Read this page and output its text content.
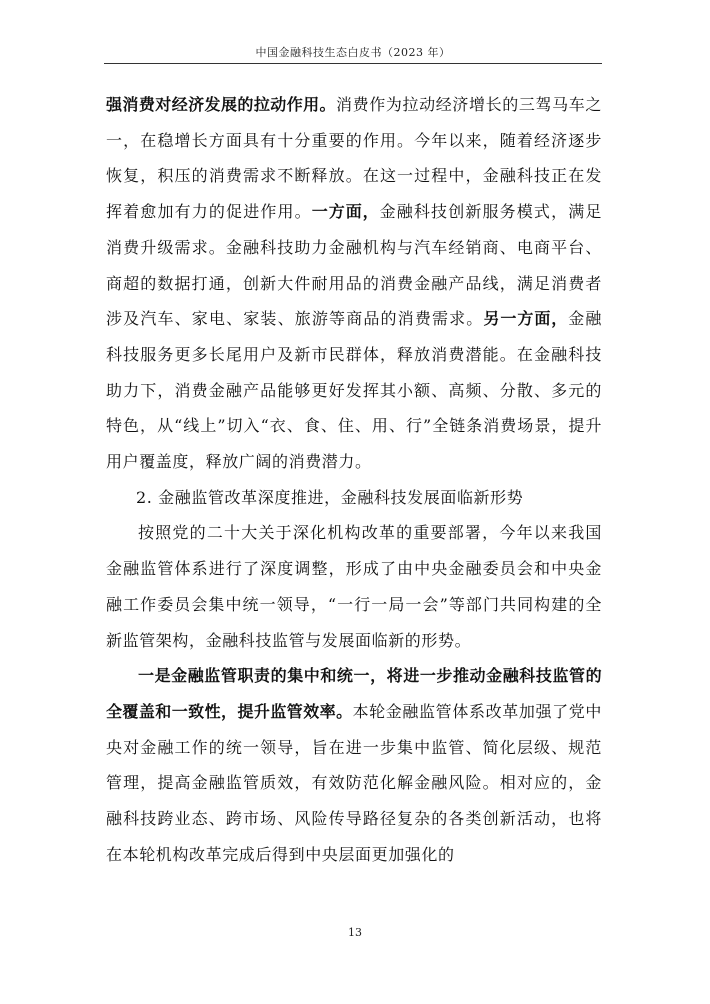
中国金融科技生态白皮书（2023 年）

强消费对经济发展的拉动作用。消费作为拉动经济增长的三驾马车之一，在稳增长方面具有十分重要的作用。今年以来，随着经济逐步恢复，积压的消费需求不断释放。在这一过程中，金融科技正在发挥着愈加有力的促进作用。一方面，金融科技创新服务模式，满足消费升级需求。金融科技助力金融机构与汽车经销商、电商平台、商超的数据打通，创新大件耐用品的消费金融产品线，满足消费者涉及汽车、家电、家装、旅游等商品的消费需求。另一方面，金融科技服务更多长尾用户及新市民群体，释放消费潜能。在金融科技助力下，消费金融产品能够更好发挥其小额、高频、分散、多元的特色，从“线上”切入“衣、食、住、用、行”全链条消费场景，提升用户覆盖度，释放广阔的消费潜力。

2. 金融监管改革深度推进，金融科技发展面临新形势

按照党的二十大关于深化机构改革的重要部署，今年以来我国金融监管体系进行了深度调整，形成了由中央金融委员会和中央金融工作委员会集中统一领导，“一行一局一会”等部门共同构建的全新监管架构，金融科技监管与发展面临新的形势。

一是金融监管职责的集中和统一，将进一步推动金融科技监管的全覆盖和一致性，提升监管效率。本轮金融监管体系改革加强了党中央对金融工作的统一领导，旨在进一步集中监管、简化层级、规范管理，提高金融监管质效，有效防范化解金融风险。相对应的，金融科技跨业态、跨市场、风险传导路径复杂的各类创新活动，也将在本轮机构改革完成后得到中央层面更加强化的

13
